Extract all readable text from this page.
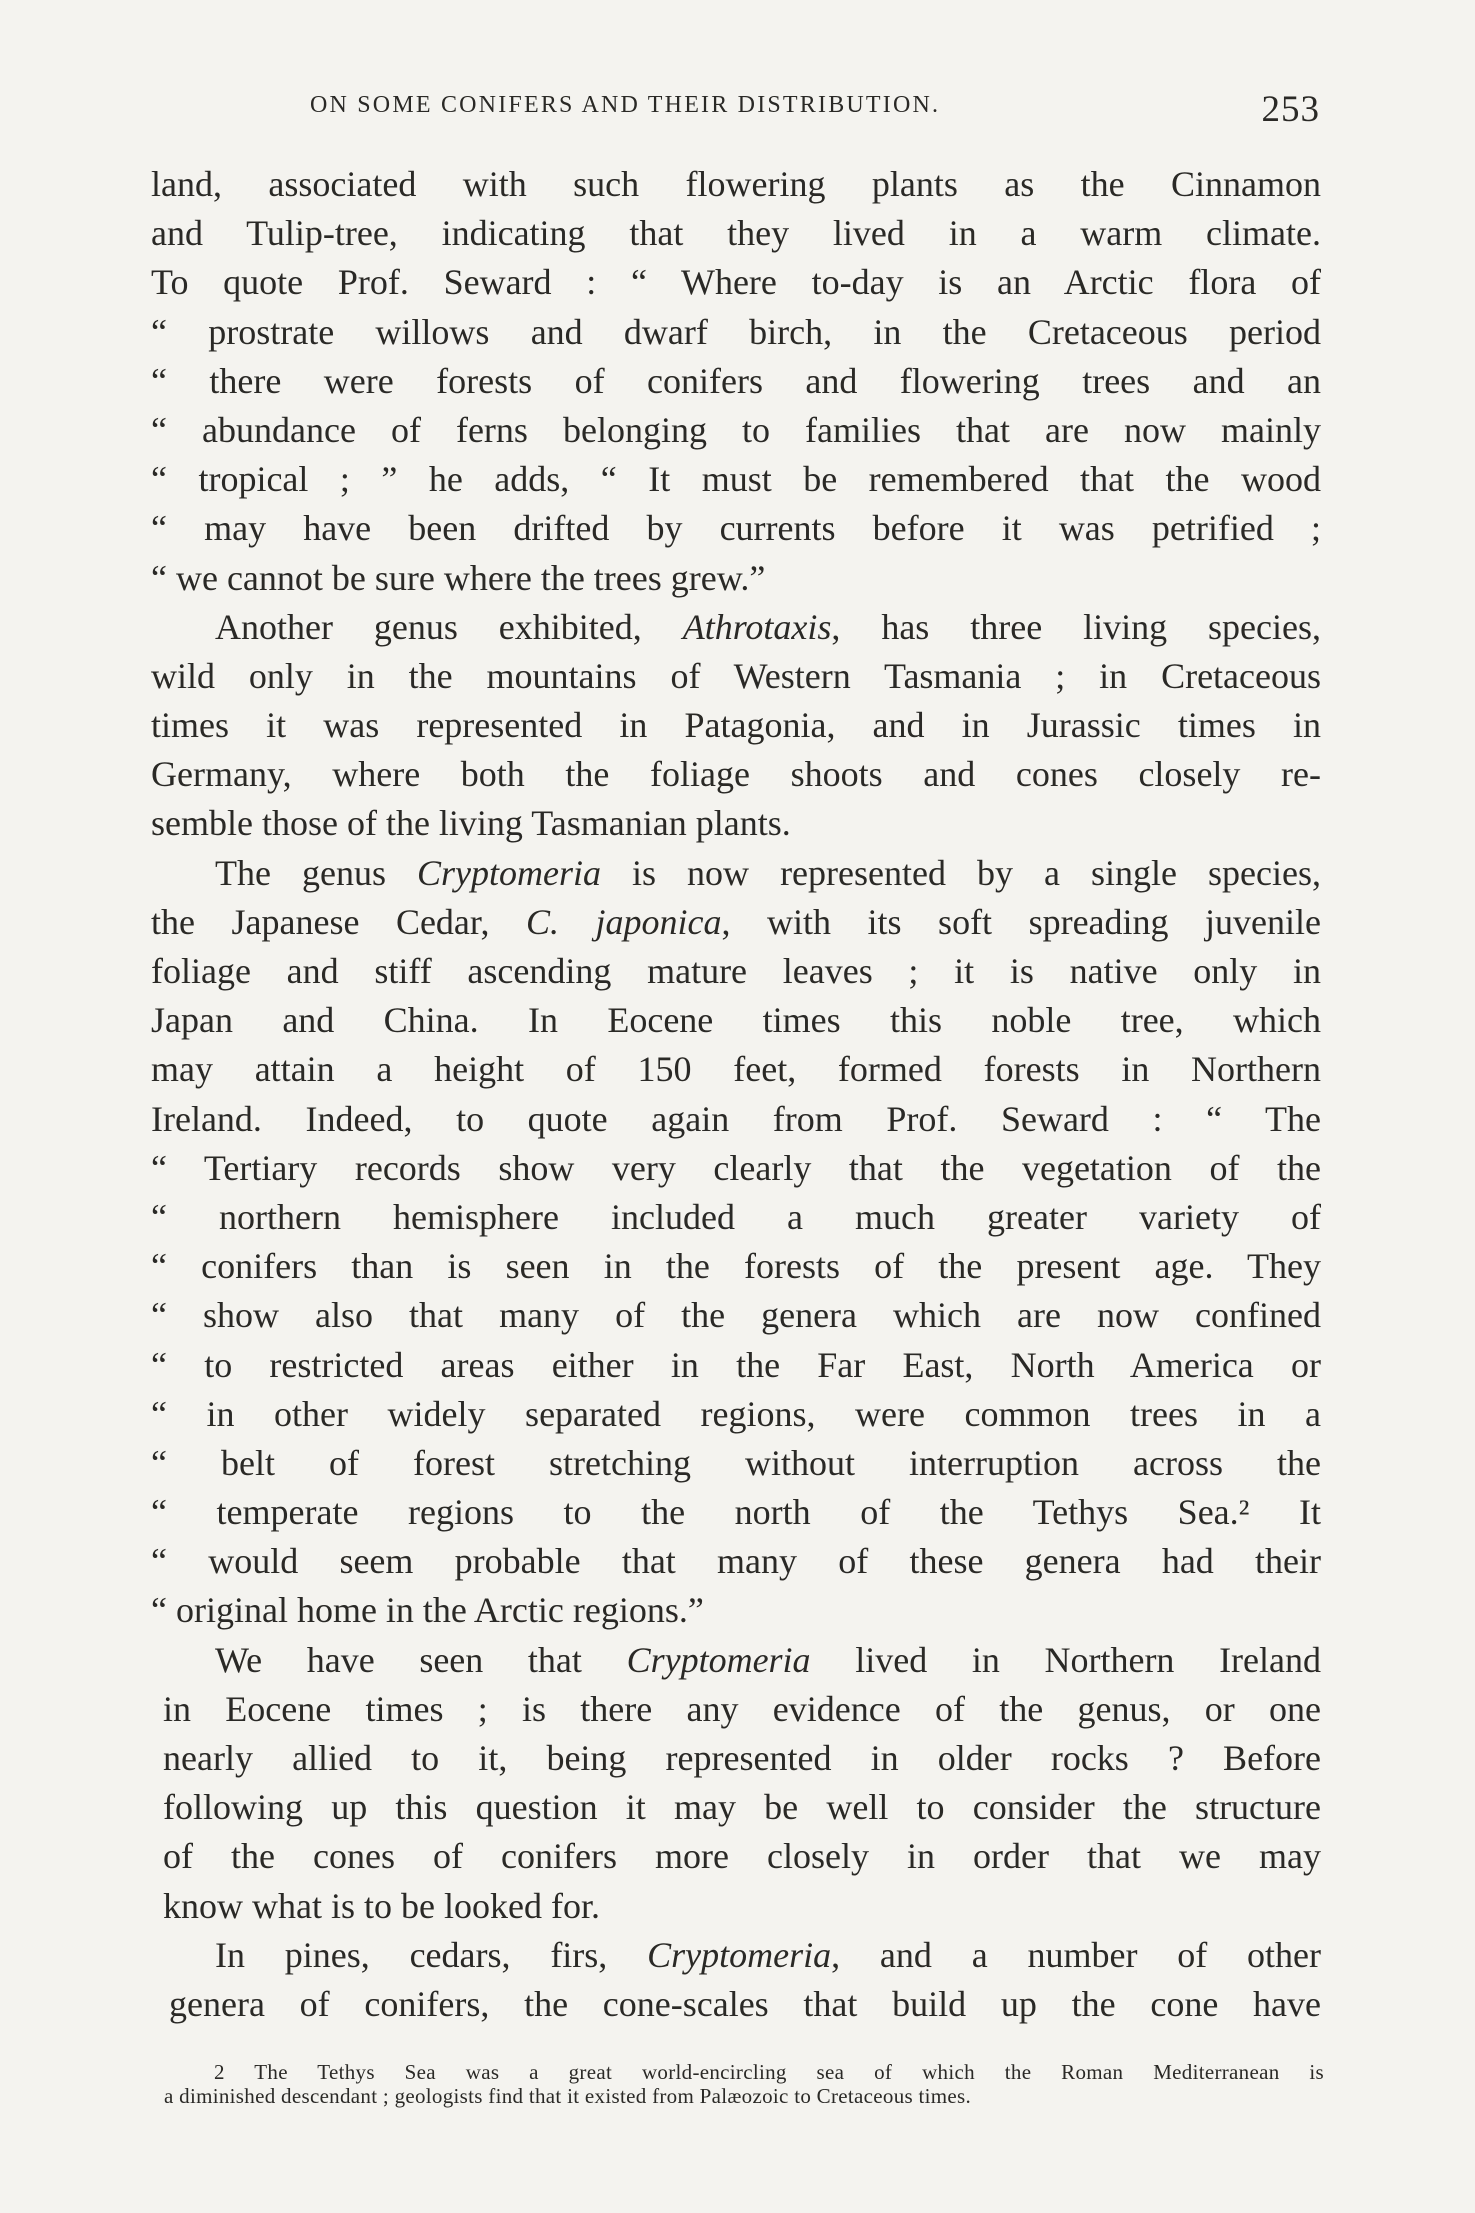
ON SOME CONIFERS AND THEIR DISTRIBUTION.	253
land, associated with such flowering plants as the Cinnamon
and Tulip-tree, indicating that they lived in a warm climate.
To quote Prof. Seward : “ Where to-day is an Arctic flora of
“ prostrate willows and dwarf birch, in the Cretaceous period
“ there were forests of conifers and flowering trees and an
“ abundance of ferns belonging to families that are now mainly
“ tropical ; ” he adds, “ It must be remembered that the wood
“ may have been drifted by currents before it was petrified ;
“ we cannot be sure where the trees grew.”
Another genus exhibited, Athrotaxis, has three living species,
wild only in the mountains of Western Tasmania ; in Cretaceous
times it was represented in Patagonia, and in Jurassic times in
Germany, where both the foliage shoots and cones closely re-
semble those of the living Tasmanian plants.
The genus Cryptomeria is now represented by a single species,
the Japanese Cedar, C. japonica, with its soft spreading juvenile
foliage and stiff ascending mature leaves ; it is native only in
Japan and China. In Eocene times this noble tree, which
may attain a height of 150 feet, formed forests in Northern
Ireland. Indeed, to quote again from Prof. Seward : “ The
“ Tertiary records show very clearly that the vegetation of the
“ northern hemisphere included a much greater variety of
“ conifers than is seen in the forests of the present age. They
“ show also that many of the genera which are now confined
“ to restricted areas either in the Far East, North America or
“ in other widely separated regions, were common trees in a
“ belt of forest stretching without interruption across the
“ temperate regions to the north of the Tethys Sea.² It
“ would seem probable that many of these genera had their
“ original home in the Arctic regions.”
We have seen that Cryptomeria lived in Northern Ireland
in Eocene times ; is there any evidence of the genus, or one
nearly allied to it, being represented in older rocks ? Before
following up this question it may be well to consider the structure
of the cones of conifers more closely in order that we may
know what is to be looked for.
In pines, cedars, firs, Cryptomeria, and a number of other
genera of conifers, the cone-scales that build up the cone have
2 The Tethys Sea was a great world-encircling sea of which the Roman Mediterranean is
a diminished descendant ; geologists find that it existed from Palæozoic to Cretaceous times.
